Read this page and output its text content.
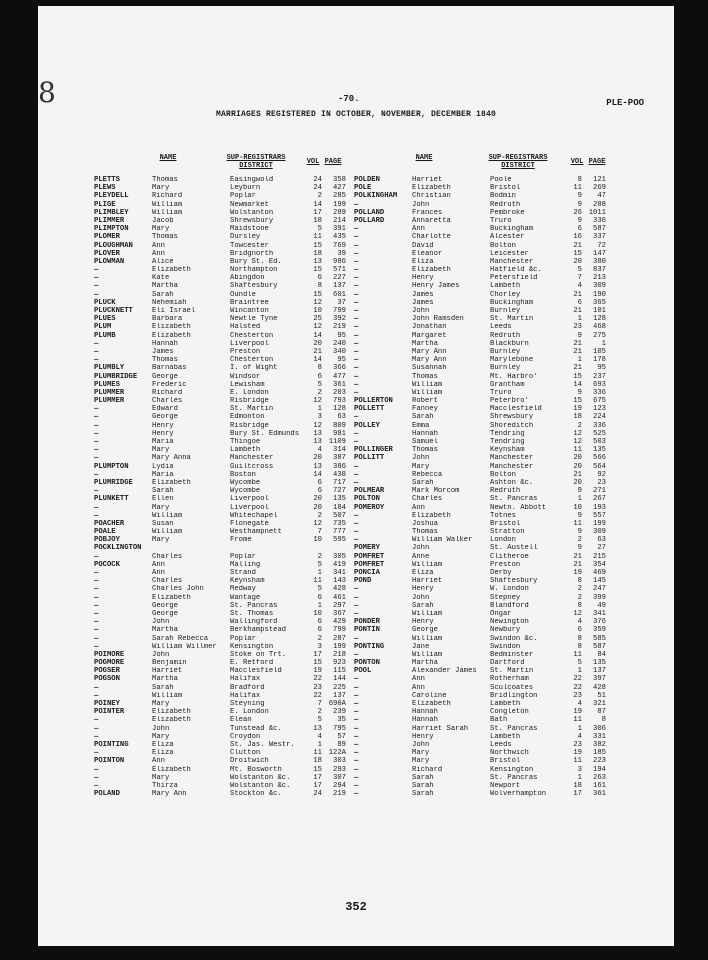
8	-70.	PLE-POO
MARRIAGES REGISTERED IN OCTOBER, NOVEMBER, DECEMBER 1840
NAME	SUP-REGISTRARS DISTRICT	VOL PAGE	NAME	SUP-REGISTRARS DISTRICT	VOL PAGE
PLETTS	Thomas	Easingwold	24	358
PLEWS	Mary	Leyburn	24	427
PLEYDELL	Richard	Poplar	2	285
PLIGE	William	Newmarket	14	199
PLIMBLEY	William	Wolstanton	17	289
PLIMMER	Jacob	Shrewsbury	18	214
PLIMPTON	Mary	Maidstone	5	391
PLOMER	Thomas	Dursley	11	435
PLOUGHMAN	Ann	Towcester	15	769
PLOVER	Ann	Bridgnorth	18	39
PLOWMAN	Alice	Bury St. Ed.	13	986
—	Elizabeth	Northampton	15	571
—	Kate	Abingdon	6	227
—	Martha	Shaftesbury	8	137
—	Sarah	Oundle	15	601
PLUCK	Nehemiah	Braintree	12	37
PLUCKNETT	Eli Israel	Wincanton	10	799
PLUES	Barbara	Newtle Tyne	25	392
PLUM	Elizabeth	Halsted	12	219
PLUMB	Elizabeth	Chesterton	14	95
—	Hannah	Liverpool	20	240
—	James	Preston	21	340
—	Thomas	Chesterton	14	95
PLUMBLY	Barnabas	I. of Wight	8	366
PLUMBRIDGE	George	Windsor	6	477
PLUMES	Frederic	Lewisham	5	361
PLUMMER	Richard	E. London	2	203
PLUMMER	Charles	Risbridge	12	793
—	Edward	St. Martin	1	128
—	George	Edmonton	3	63
—	Henry	Risbridge	12	809
—	Henry	Bury St. Edmunds	13	981
—	Maria	Thingoe	13 1109
—	Mary	Lambeth	4	314
—	Mary Anna	Manchester	20	387
PLUMPTON	Lydia	Guiltcross	13	386
—	Maria	Boston	14	438
PLUMRIDGE	Elizabeth	Wycombe	6	717
—	Sarah	Wycombe	6	727
PLUNKETT	Ellen	Liverpool	20	135
—	Mary	Liverpool	20	184
—	William	Whitechapel	2	507
POACHER	Susan	Flonegate	12	735
POALE	William	Westhampnett	7	777
POBJOY	Mary	Frome	10	595
POCKLINGTON
—	Charles	Poplar	2	305
POCOCK	Ann	Malling	5	419
—	Ann	Strand	1	341
—	Charles	Keynsham	11	143
—	Charles John	Medway	5	428
—	Elizabeth	Wantage	6	461
—	George	St. Pancras	1	297
—	George	St. Thomas	10	367
—	John	Wallingford	6	429
—	Martha	Berkhampstead	6	799
—	Sarah Rebecca	Poplar	2	287
—	William Willmer	Kensington	3	199
POIMORE	John	Stoke on Trt.	17	218
POGMORE	Benjamin	E. Retford	15	923
POGSER	Harriet	Macclesfield	19	115
POGSON	Martha	Halifax	22	144
—	Sarah	Bradford	23	225
—	William	Halifax	22	137
POINEY	Mary	Steyning	7 690A
POINTER	Elizabeth	E. London	2	239
—	Elizabeth	Elean	5	35
—	John	Tunstead &c.	13	795
—	Mary	Croydon	4	57
POINTING	Eliza	St. Jas. Westr.	1	89
—	Eliza	Clutton	11 122A
POINTON	Ann	Droitwich	18	303
—	Elizabeth	Mt. Bosworth	15	293
—	Mary	Wolstanton &c.	17	307
—	Thirza	Wolstanton &c.	17	294
POLAND	Mary Ann	Stockton &c.	24	219
POLDEN	Harriet	Poole	8	121
POLE	Elizabeth	Bristol	11	269
POLKINGHAM	Christian	Bodmin	9	47
—	John	Redruth	9	288
POLLAND	Frances	Pembroke	26 1011
POLLARD	Annaretta	Truro	9	336
—	Ann	Buckingham	6	587
—	Charlotte	Alcester	16	337
—	David	Bolton	21	72
—	Eleanor	Leicester	15	147
—	Eliza	Manchester	20	380
—	Elizabeth	Hatfield &c.	5	837
—	Henry	Petersfield	7	213
—	Henry James	Lambeth	4	309
—	James	Chorley	21	190
—	James	Buckingham	6	365
—	John	Burnley	21	101
—	John Ramsden	St. Martin	1	128
—	Jonathan	Leeds	23	468
—	Margaret	Redruth	9	275
—	Martha	Blackburn	21	1
—	Mary Ann	Burnley	21	105
—	Mary Ann	Marylebone	1	178
—	Susannah	Burnley	21	95
—	Thomas	Mt. Harbro'	15	237
—	William	Grantham	14	693
—	William	Truro	9	336
POLLERTON	Robert	Peterbro'	15	675
POLLETT	Fanney	Macclesfield	19	123
—	Sarah	Shrewsbury	18	224
POLLEY	Emma	Shoreditch	2	336
—	Hannah	Tendring	12	525
—	Samuel	Tendring	12	503
POLLINGER	Thomas	Keynsham	11	135
POLLITT	John	Manchester	20	566
—	Mary	Manchester	20	564
—	Rebecca	Bolton	21	92
—	Sarah	Ashton &c.	20	23
POLMEAR	Mark Morcom	Redruth	9	271
POLTON	Charles	St. Pancras	1	267
POMEROY	Ann	Newtn. Abbott	10	193
—	Elizabeth	Totnes	9	557
—	Joshua	Bristol	11	199
—	Thomas	Stratton	9	309
—	William Walker	London	2	63
POMERY	John	St. Austell	9	27
POMFRET	Anne	Clitheroe	21	215
POMFRET	William	Preston	21	354
PONCIA	Eliza	Derby	19	469
POND	Harriet	Shaftesbury	8	145
—	Henry	W. London	2	247
—	John	Stepney	2	399
—	Sarah	Blandford	8	49
—	William	Ongar	12	341
PONDER	Henry	Newington	4	376
PONTIN	George	Newbury	6	359
—	William	Swindon &c.	8	585
PONTING	Jane	Swindon	8	587
—	William	Bedminster	11	84
PONTON	Martha	Dartford	5	135
POOL	Alexander James	St. Martin	1	137
—	Ann	Rotherham	22	397
—	Ann	Sculcoates	22	428
—	Caroline	Bridlington	23	51
—	Elizabeth	Lambeth	4	321
—	Hannah	Congleton	19	87
—	Hannah	Bath	11	8
—	Harriet Sarah	St. Pancras	1	306
—	Henry	Lambeth	4	331
—	John	Leeds	23	382
—	Mary	Northwich	19	185
—	Mary	Bristol	11	223
—	Richard	Kensington	3	194
—	Sarah	St. Pancras	1	263
—	Sarah	Newport	18	161
—	Sarah	Wolverhampton	17	361
352
